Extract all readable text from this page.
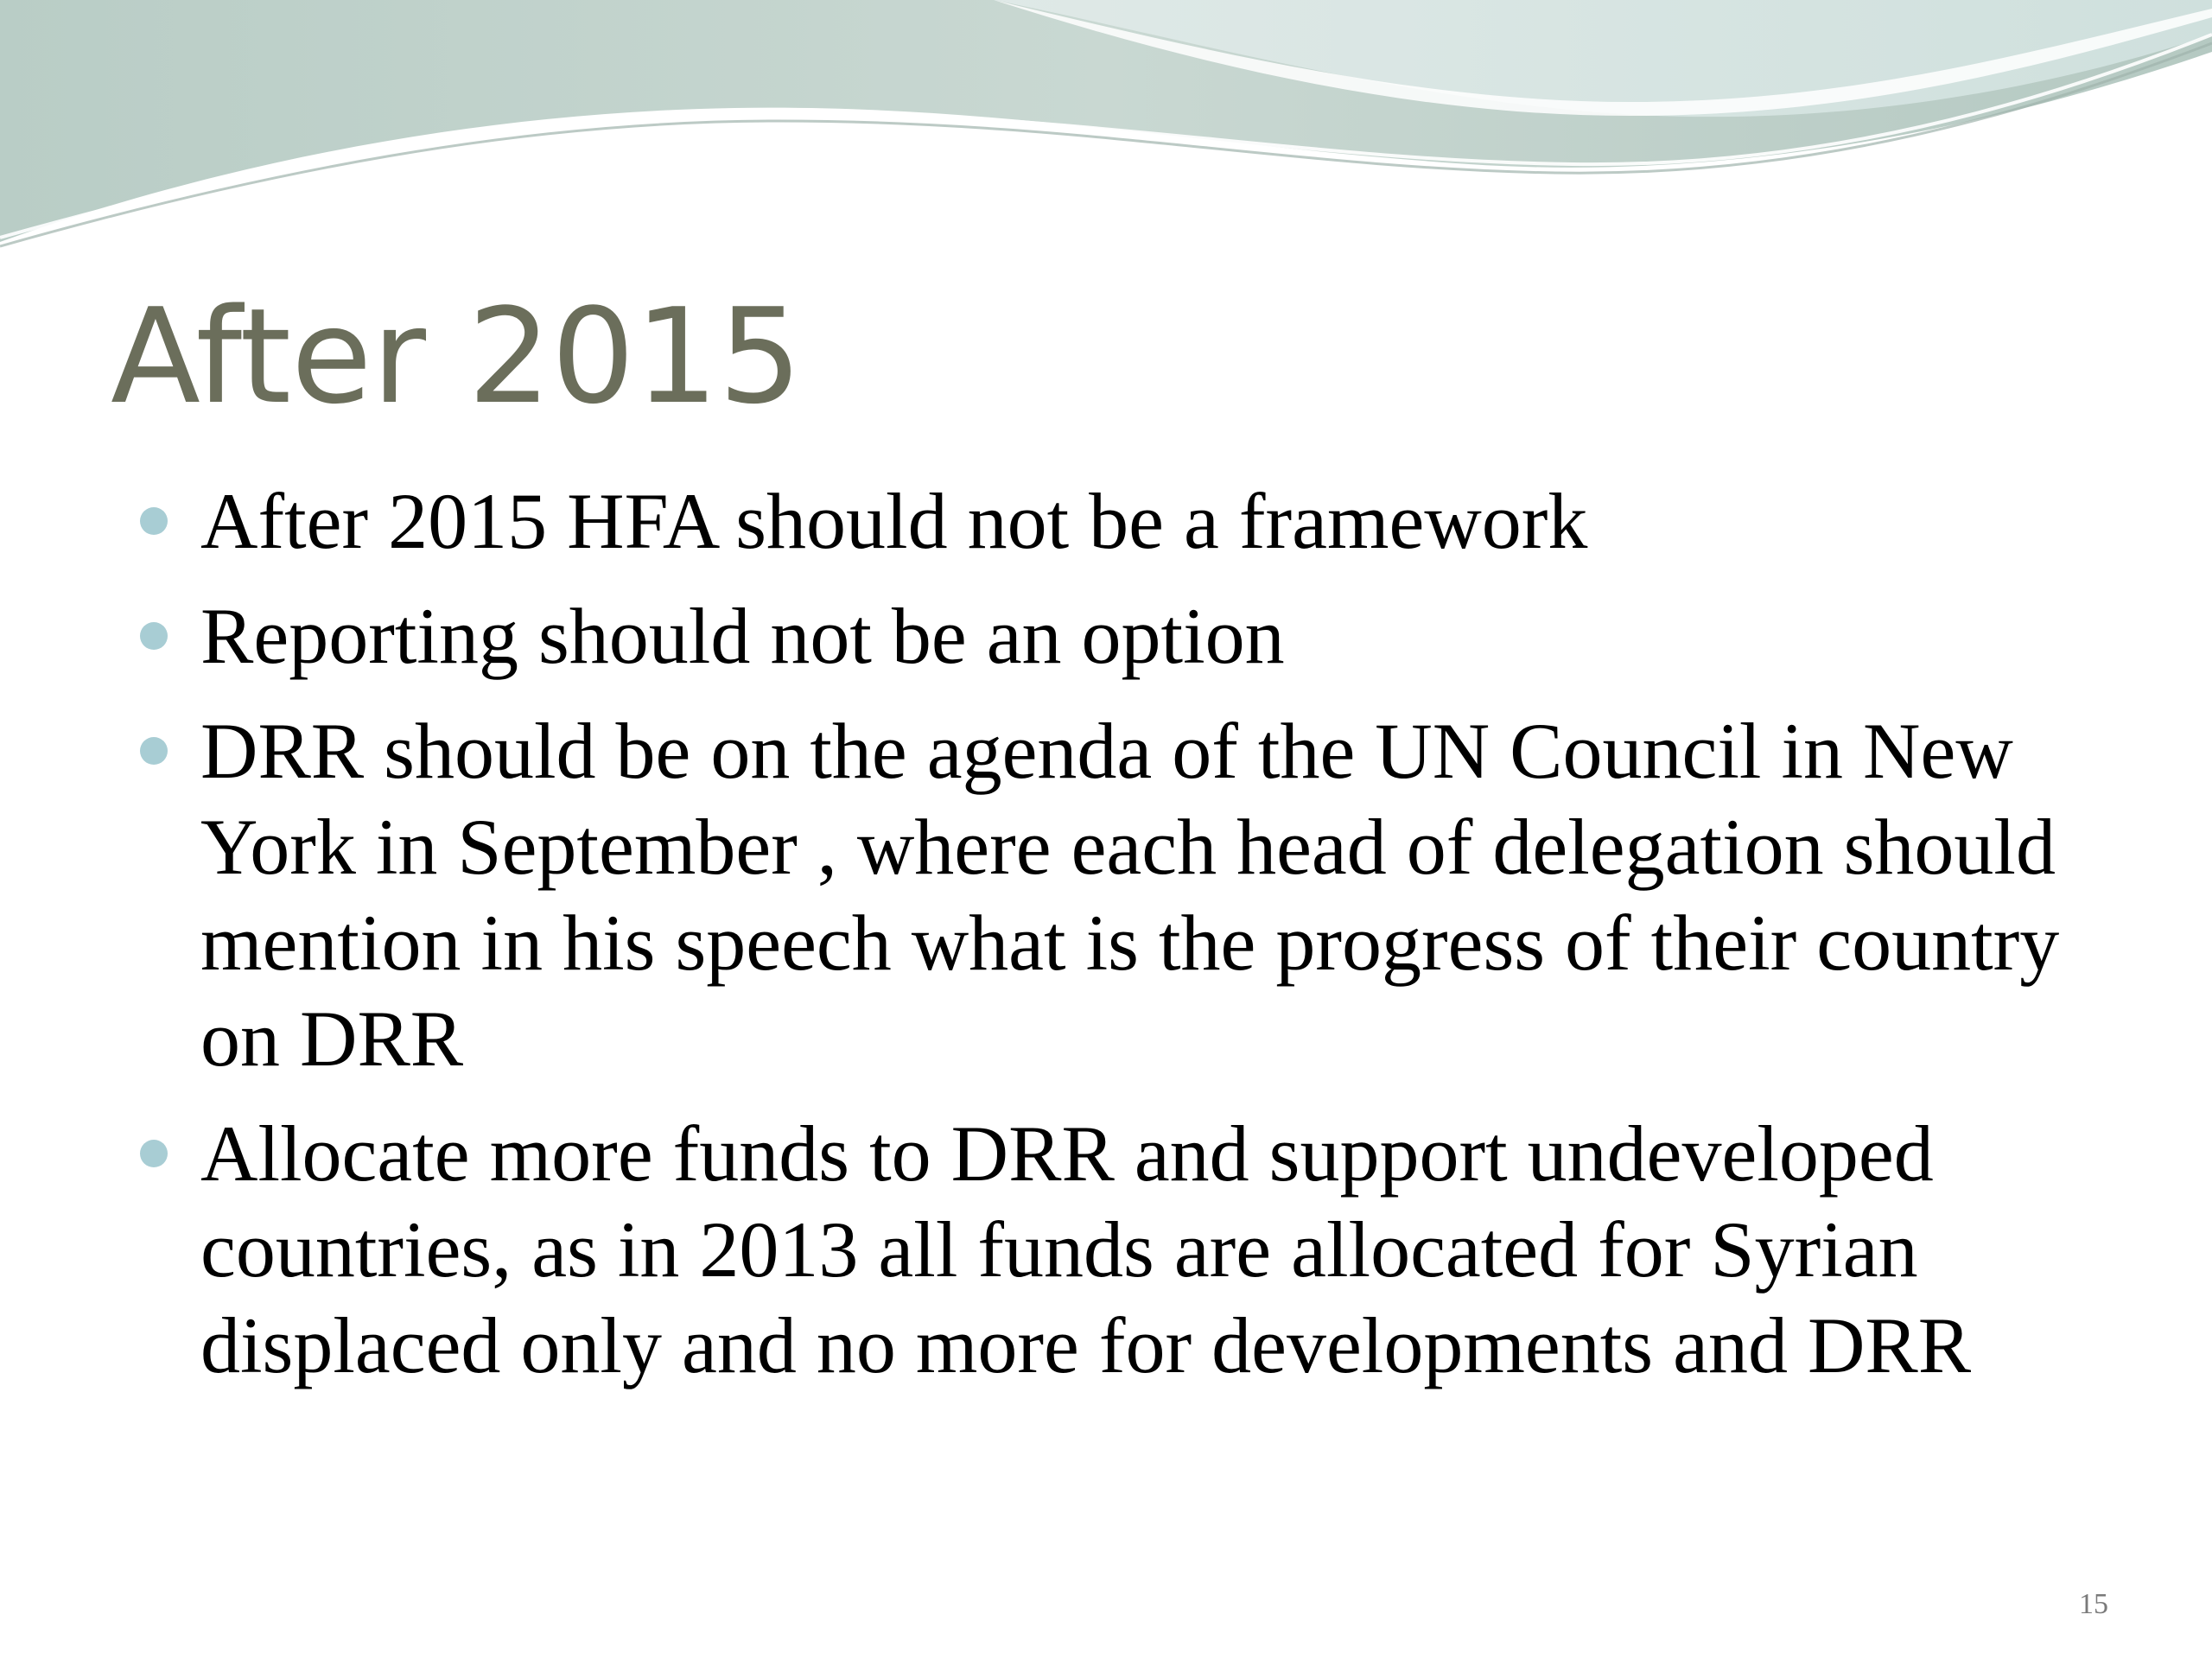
After 2015
After 2015 HFA should not be a framework
Reporting should not be an option
DRR should be on the agenda of the UN Council in New York in September , where each head of delegation should mention in his speech what is the progress of their country on DRR
Allocate more funds to DRR and support undeveloped countries, as in 2013 all funds are allocated for Syrian displaced only and no more for developments and DRR
15
